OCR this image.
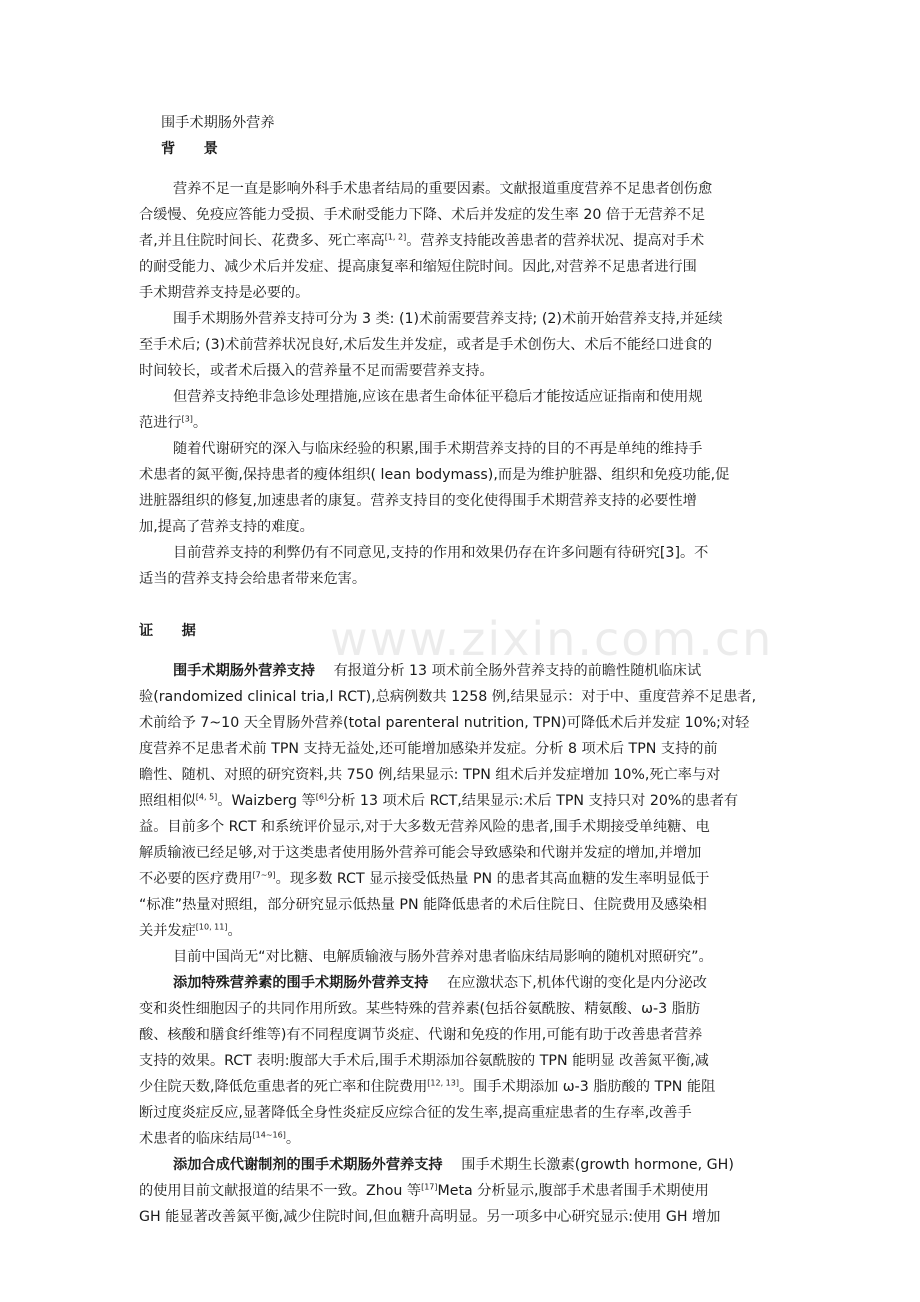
www.zixin.com.cn
围手术期肠外营养
背　　景
营养不足一直是影响外科手术患者结局的重要因素。文献报道重度营养不足患者创伤愈
合缓慢、免疫应答能力受损、手术耐受能力下降、术后并发症的发生率 20 倍于无营养不足
者,并且住院时间长、花费多、死亡率高[1, 2]。营养支持能改善患者的营养状况、提高对手术
的耐受能力、减少术后并发症、提高康复率和缩短住院时间。因此,对营养不足患者进行围
手术期营养支持是必要的。
围手术期肠外营养支持可分为 3 类: (1)术前需要营养支持; (2)术前开始营养支持,并延续
至手术后; (3)术前营养状况良好,术后发生并发症，或者是手术创伤大、术后不能经口进食的
时间较长，或者术后摄入的营养量不足而需要营养支持。
但营养支持绝非急诊处理措施,应该在患者生命体征平稳后才能按适应证指南和使用规
范进行[3]。
随着代谢研究的深入与临床经验的积累,围手术期营养支持的目的不再是单纯的维持手
术患者的氮平衡,保持患者的瘦体组织( lean bodymass),而是为维护脏器、组织和免疫功能,促
进脏器组织的修复,加速患者的康复。营养支持目的变化使得围手术期营养支持的必要性增
加,提高了营养支持的难度。
目前营养支持的利弊仍有不同意见,支持的作用和效果仍存在许多问题有待研究[3]。不
适当的营养支持会给患者带来危害。
证　　据
围手术期肠外营养支持　 有报道分析 13 项术前全肠外营养支持的前瞻性随机临床试
验(randomized clinical tria,l RCT),总病例数共 1258 例,结果显示：对于中、重度营养不足患者,
术前给予 7~10 天全胃肠外营养(total parenteral nutrition, TPN)可降低术后并发症 10%;对轻
度营养不足患者术前 TPN 支持无益处,还可能增加感染并发症。分析 8 项术后 TPN 支持的前
瞻性、随机、对照的研究资料,共 750 例,结果显示: TPN 组术后并发症增加 10%,死亡率与对
照组相似[4, 5]。Waizberg 等[6]分析 13 项术后 RCT,结果显示:术后 TPN 支持只对 20%的患者有
益。目前多个 RCT 和系统评价显示,对于大多数无营养风险的患者,围手术期接受单纯糖、电
解质输液已经足够,对于这类患者使用肠外营养可能会导致感染和代谢并发症的增加,并增加
不必要的医疗费用[7~9]。现多数 RCT 显示接受低热量 PN 的患者其高血糖的发生率明显低于
“标准”热量对照组，部分研究显示低热量 PN 能降低患者的术后住院日、住院费用及感染相
关并发症[10, 11]。
目前中国尚无“对比糖、电解质输液与肠外营养对患者临床结局影响的随机对照研究”。
添加特殊营养素的围手术期肠外营养支持　 在应激状态下,机体代谢的变化是内分泌改
变和炎性细胞因子的共同作用所致。某些特殊的营养素(包括谷氨酰胺、精氨酸、ω-3 脂肪
酸、核酸和膳食纤维等)有不同程度调节炎症、代谢和免疫的作用,可能有助于改善患者营养
支持的效果。RCT 表明:腹部大手术后,围手术期添加谷氨酰胺的 TPN 能明显 改善氮平衡,减
少住院天数,降低危重患者的死亡率和住院费用[12, 13]。围手术期添加 ω-3 脂肪酸的 TPN 能阻
断过度炎症反应,显著降低全身性炎症反应综合征的发生率,提高重症患者的生存率,改善手
术患者的临床结局[14~16]。
添加合成代谢制剂的围手术期肠外营养支持　 围手术期生长激素(growth hormone, GH)
的使用目前文献报道的结果不一致。Zhou 等[17]Meta 分析显示,腹部手术患者围手术期使用
GH 能显著改善氮平衡,减少住院时间,但血糖升高明显。另一项多中心研究显示:使用 GH 增加
